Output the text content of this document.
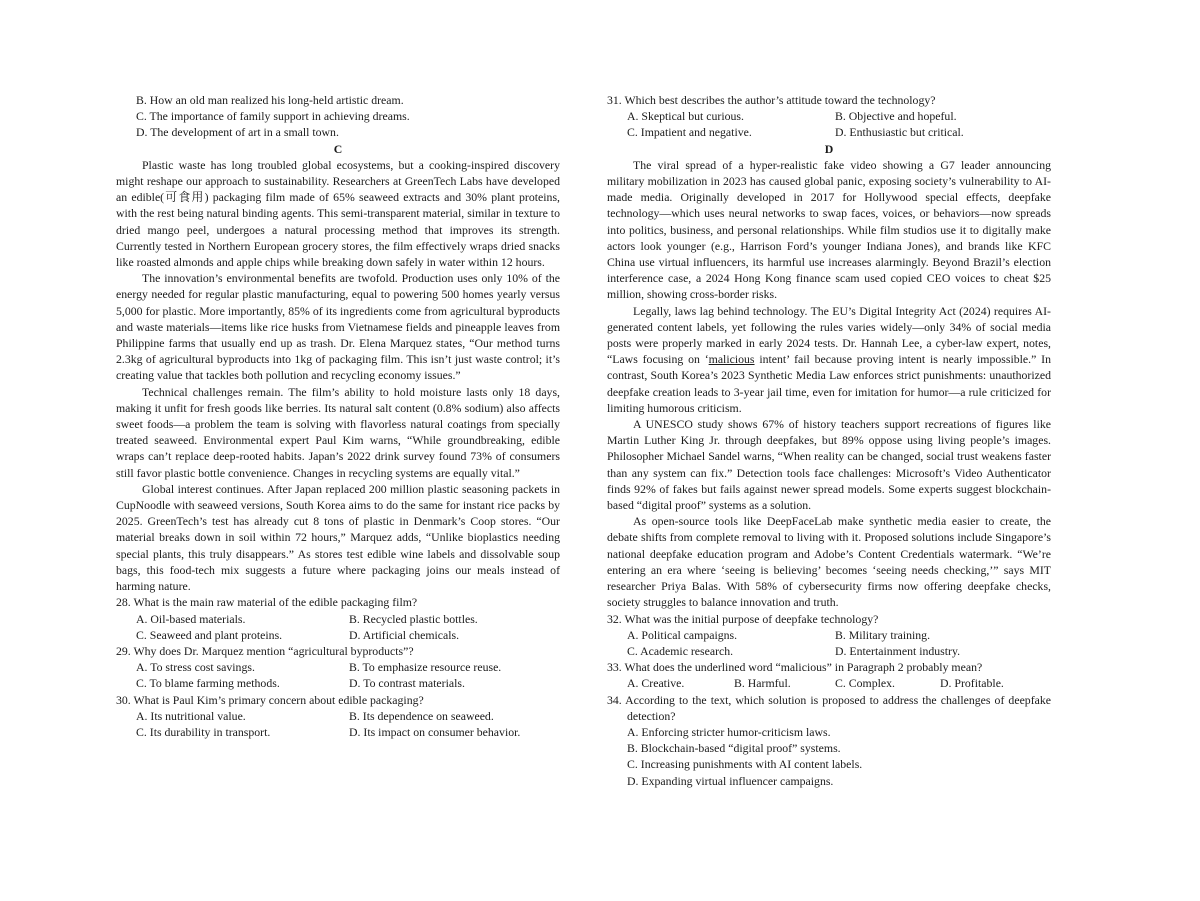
B. How an old man realized his long-held artistic dream.
C. The importance of family support in achieving dreams.
D. The development of art in a small town.

C

Plastic waste has long troubled global ecosystems, but a cooking-inspired discovery might reshape our approach to sustainability. Researchers at GreenTech Labs have developed an edible(可食用) packaging film made of 65% seaweed extracts and 30% plant proteins, with the rest being natural binding agents. This semi-transparent material, similar in texture to dried mango peel, undergoes a natural processing method that improves its strength. Currently tested in Northern European grocery stores, the film effectively wraps dried snacks like roasted almonds and apple chips while breaking down safely in water within 12 hours.

The innovation’s environmental benefits are twofold. Production uses only 10% of the energy needed for regular plastic manufacturing, equal to powering 500 homes yearly versus 5,000 for plastic. More importantly, 85% of its ingredients come from agricultural byproducts and waste materials—items like rice husks from Vietnamese fields and pineapple leaves from Philippine farms that usually end up as trash. Dr. Elena Marquez states, “Our method turns 2.3kg of agricultural byproducts into 1kg of packaging film. This isn’t just waste control; it’s creating value that tackles both pollution and recycling economy issues.”

Technical challenges remain. The film’s ability to hold moisture lasts only 18 days, making it unfit for fresh goods like berries. Its natural salt content (0.8% sodium) also affects sweet foods—a problem the team is solving with flavorless natural coatings from specially treated seaweed. Environmental expert Paul Kim warns, “While groundbreaking, edible wraps can’t replace deep-rooted habits. Japan’s 2022 drink survey found 73% of consumers still favor plastic bottle convenience. Changes in recycling systems are equally vital.”

Global interest continues. After Japan replaced 200 million plastic seasoning packets in CupNoodle with seaweed versions, South Korea aims to do the same for instant rice packs by 2025. GreenTech’s test has already cut 8 tons of plastic in Denmark’s Coop stores. “Our material breaks down in soil within 72 hours,” Marquez adds, “Unlike bioplastics needing special plants, this truly disappears.” As stores test edible wine labels and dissolvable soup bags, this food-tech mix suggests a future where packaging joins our meals instead of harming nature.

28. What is the main raw material of the edible packaging film?

A. Oil-based materials.	B. Recycled plastic bottles.
C. Seaweed and plant proteins.	D. Artificial chemicals.

29. Why does Dr. Marquez mention “agricultural byproducts”?

A. To stress cost savings.	B. To emphasize resource reuse.
C. To blame farming methods.	D. To contrast materials.

30. What is Paul Kim’s primary concern about edible packaging?

A. Its nutritional value.	B. Its dependence on seaweed.
C. Its durability in transport.	D. Its impact on consumer behavior.

31. Which best describes the author’s attitude toward the technology?

A. Skeptical but curious.	B. Objective and hopeful.
C. Impatient and negative.	D. Enthusiastic but critical.

D

The viral spread of a hyper-realistic fake video showing a G7 leader announcing military mobilization in 2023 has caused global panic, exposing society’s vulnerability to AI-made media. Originally developed in 2017 for Hollywood special effects, deepfake technology—which uses neural networks to swap faces, voices, or behaviors—now spreads into politics, business, and personal relationships. While film studios use it to digitally make actors look younger (e.g., Harrison Ford’s younger Indiana Jones), and brands like KFC China use virtual influencers, its harmful use increases alarmingly. Beyond Brazil’s election interference case, a 2024 Hong Kong finance scam used copied CEO voices to cheat $25 million, showing cross-border risks.

Legally, laws lag behind technology. The EU’s Digital Integrity Act (2024) requires AI-generated content labels, yet following the rules varies widely—only 34% of social media posts were properly marked in early 2024 tests. Dr. Hannah Lee, a cyber-law expert, notes, “Laws focusing on ‘malicious intent’ fail because proving intent is nearly impossible.” In contrast, South Korea’s 2023 Synthetic Media Law enforces strict punishments: unauthorized deepfake creation leads to 3-year jail time, even for imitation for humor—a rule criticized for limiting humorous criticism.

A UNESCO study shows 67% of history teachers support recreations of figures like Martin Luther King Jr. through deepfakes, but 89% oppose using living people’s images. Philosopher Michael Sandel warns, “When reality can be changed, social trust weakens faster than any system can fix.” Detection tools face challenges: Microsoft’s Video Authenticator finds 92% of fakes but fails against newer spread models. Some experts suggest blockchain-based “digital proof” systems as a solution.

As open-source tools like DeepFaceLab make synthetic media easier to create, the debate shifts from complete removal to living with it. Proposed solutions include Singapore’s national deepfake education program and Adobe’s Content Credentials watermark. “We’re entering an era where ‘seeing is believing’ becomes ‘seeing needs checking,’” says MIT researcher Priya Balas. With 58% of cybersecurity firms now offering deepfake checks, society struggles to balance innovation and truth.

32. What was the initial purpose of deepfake technology?

A. Political campaigns.	B. Military training.
C. Academic research.	D. Entertainment industry.

33. What does the underlined word “malicious” in Paragraph 2 probably mean?

A. Creative.	B. Harmful.	C. Complex.	D. Profitable.

34. According to the text, which solution is proposed to address the challenges of deepfake detection?

A. Enforcing stricter humor-criticism laws.
B. Blockchain-based “digital proof” systems.
C. Increasing punishments with AI content labels.
D. Expanding virtual influencer campaigns.
